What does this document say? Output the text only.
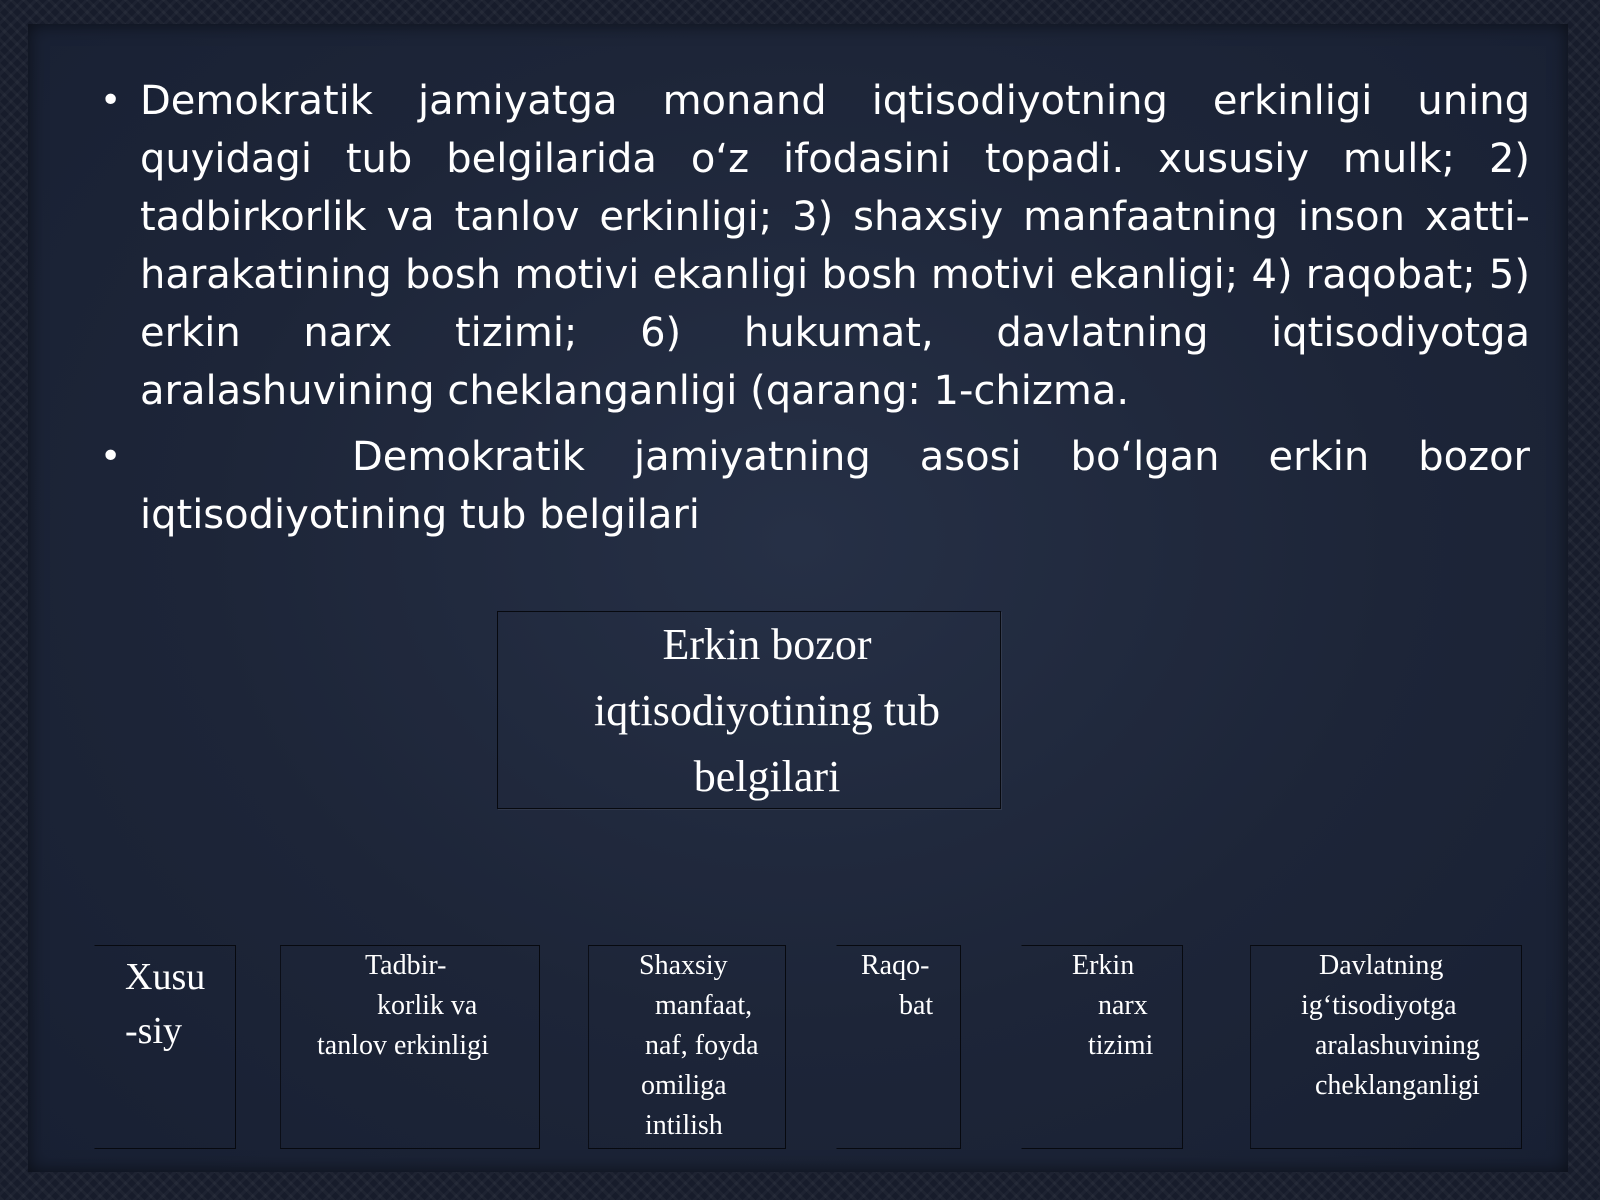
• Demokratik jamiyatga monand iqtisodiyotning erkinligi uning quyidagi tub belgilarida o‘z ifodasini topadi. xususiy mulk; 2) tadbirkorlik va tanlov erkinligi; 3) shaxsiy manfaatning inson xatti-harakatining bosh motivi ekanligi bosh motivi ekanligi; 4) raqobat; 5) erkin narx tizimi; 6) hukumat, davlatning iqtisodiyotga aralashuvining cheklanganligi (qarang: 1-chizma.
•	Demokratik jamiyatning asosi bo‘lgan erkin bozor iqtisodiyotining tub belgilari
Erkin bozor
iqtisodiyotining tub
belgilari
Xusu
-siy
Tadbir-
korlik va
tanlov erkinligi
Shaxsiy
manfaat,
naf, foyda
omiliga
intilish
Raqo-
bat
Erkin
narx
tizimi
Davlatning
ig‘tisodiyotga
aralashuvining
cheklanganligi
